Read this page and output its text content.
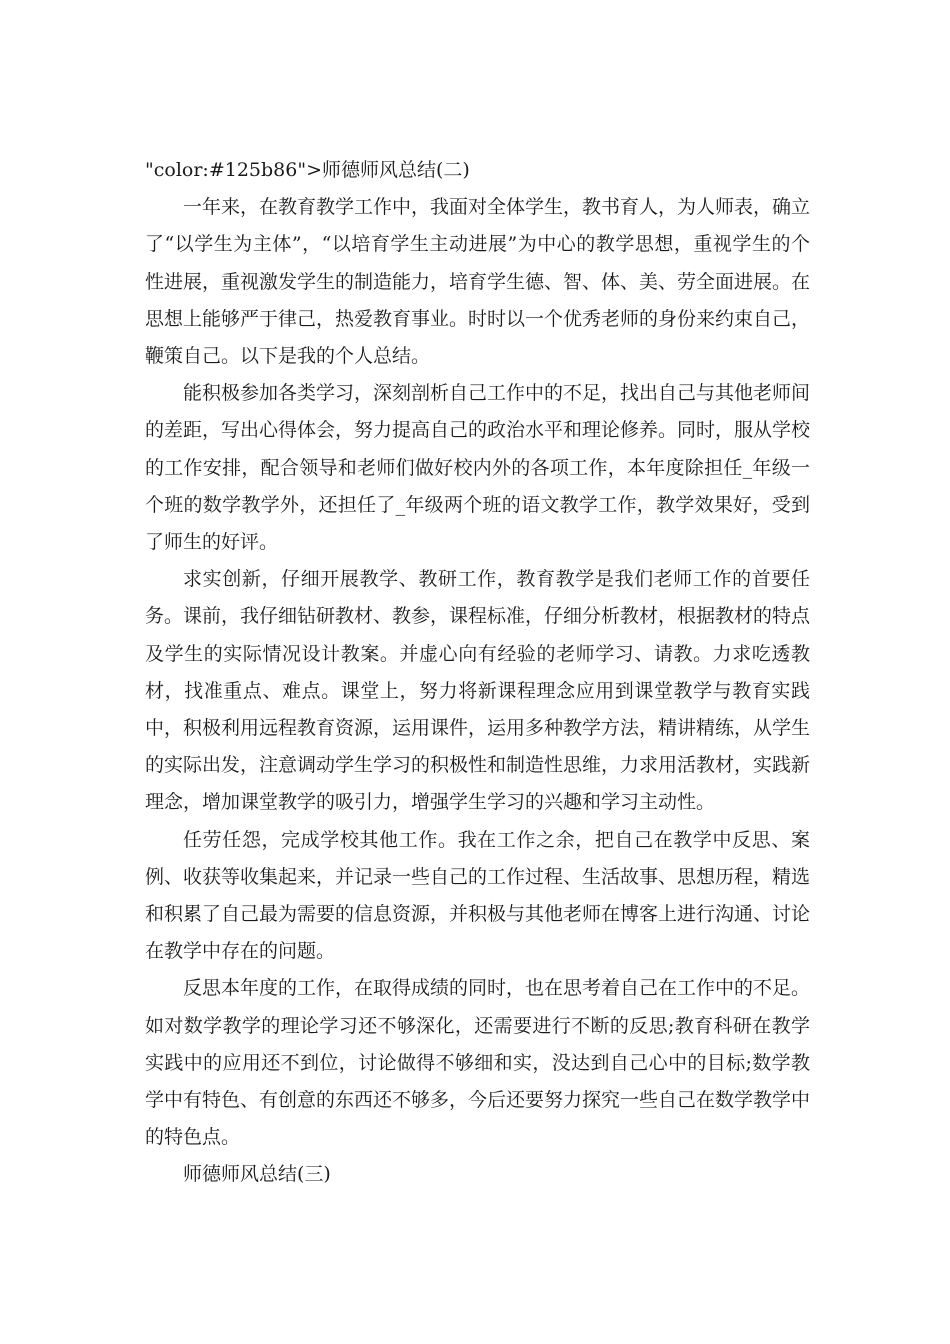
"color:#125b86">师德师风总结(二)

一年来，在教育教学工作中，我面对全体学生，教书育人，为人师表，确立了“以学生为主体”，“以培育学生主动进展”为中心的教学思想，重视学生的个性进展，重视激发学生的制造能力，培育学生德、智、体、美、劳全面进展。在思想上能够严于律己，热爱教育事业。时时以一个优秀老师的身份来约束自己，鞭策自己。以下是我的个人总结。

能积极参加各类学习，深刻剖析自己工作中的不足，找出自己与其他老师间的差距，写出心得体会，努力提高自己的政治水平和理论修养。同时，服从学校的工作安排，配合领导和老师们做好校内外的各项工作，本年度除担任_年级一个班的数学教学外，还担任了_年级两个班的语文教学工作，教学效果好，受到了师生的好评。

求实创新，仔细开展教学、教研工作，教育教学是我们老师工作的首要任务。课前，我仔细钻研教材、教参，课程标准，仔细分析教材，根据教材的特点及学生的实际情况设计教案。并虚心向有经验的老师学习、请教。力求吃透教材，找准重点、难点。课堂上，努力将新课程理念应用到课堂教学与教育实践中，积极利用远程教育资源，运用课件，运用多种教学方法，精讲精练，从学生的实际出发，注意调动学生学习的积极性和制造性思维，力求用活教材，实践新理念，增加课堂教学的吸引力，增强学生学习的兴趣和学习主动性。

任劳任怨，完成学校其他工作。我在工作之余，把自己在教学中反思、案例、收获等收集起来，并记录一些自己的工作过程、生活故事、思想历程，精选和积累了自己最为需要的信息资源，并积极与其他老师在博客上进行沟通、讨论在教学中存在的问题。

反思本年度的工作，在取得成绩的同时，也在思考着自己在工作中的不足。如对数学教学的理论学习还不够深化，还需要进行不断的反思;教育科研在教学实践中的应用还不到位，讨论做得不够细和实，没达到自己心中的目标;数学教学中有特色、有创意的东西还不够多，今后还要努力探究一些自己在数学教学中的特色点。

师德师风总结(三)
